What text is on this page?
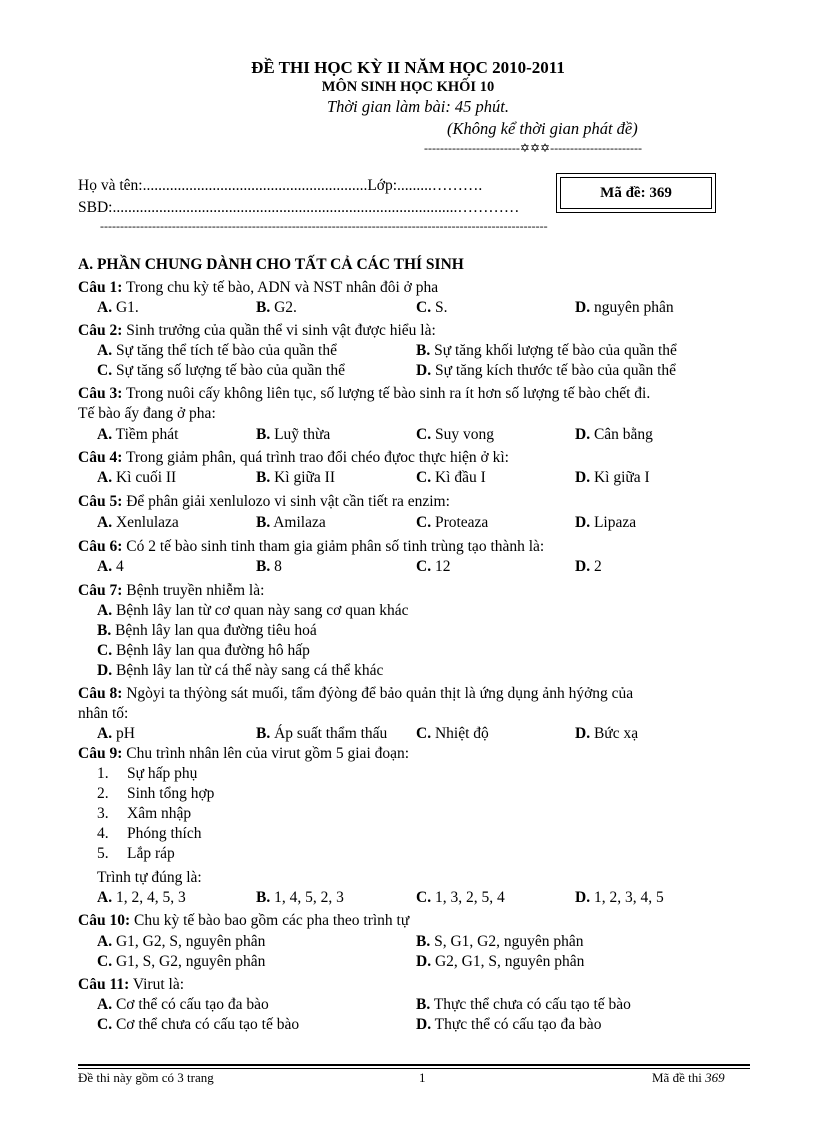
ĐỀ THI HỌC KỲ II NĂM HỌC 2010-2011
MÔN SINH HỌC KHỐI 10
Thời gian làm bài: 45 phút.
(Không kể thời gian phát đề)
------------------------✡✡✡-----------------------
Họ và tên:..........................................................Lớp:.........……….
SBD:.........................................................................................…………
Mã đề: 369
----------------------------------------------------------------------------------------------------------------
A. PHẦN CHUNG DÀNH CHO TẤT CẢ CÁC THÍ SINH
Câu 1: Trong chu kỳ tế bào, ADN và NST nhân đôi ở pha
A. G1.	B. G2.	C. S.	D. nguyên phân
Câu 2: Sinh trưởng của quần thể vi sinh vật được hiểu là:
A. Sự tăng thể tích tế bào của quần thể	B. Sự tăng khối lượng tế bào của quần thể
C. Sự tăng số lượng tế bào của quần thể	D. Sự tăng kích thước tế bào của quần thể
Câu 3: Trong nuôi cấy không liên tục, số lượng tế bào sinh ra ít hơn số lượng tế bào chết đi.
Tế bào ấy đang ở pha:
A. Tiềm phát	B. Luỹ thừa	C. Suy vong	D. Cân bằng
Câu 4: Trong giảm phân, quá trình trao đổi chéo đựoc thực hiện ở kì:
A. Kì cuối II	B. Kì giữa II	C. Kì đầu I	D. Kì giữa I
Câu 5: Để phân giải xenlulozo vi sinh vật cần tiết ra enzim:
A. Xenlulaza	B. Amilaza	C. Proteaza	D. Lipaza
Câu 6: Có 2 tế bào sinh tinh tham gia giảm phân số tinh trùng tạo thành là:
A. 4	B. 8	C. 12	D. 2
Câu 7: Bệnh truyền nhiễm là:
A. Bệnh lây lan từ cơ quan này sang cơ quan khác
B. Bệnh lây lan qua đường tiêu hoá
C. Bệnh lây lan qua đường hô hấp
D. Bệnh lây lan từ cá thể này sang cá thể khác
Câu 8: Ngòyi ta thýòng sát muối, tẩm đýòng để bảo quản thịt là ứng dụng ảnh hýởng của
nhân tố:
A. pH	B. Áp suất thẩm thấu C. Nhiệt độ	D. Bức xạ
Câu 9: Chu trình nhân lên của virut gồm 5 giai đoạn:
1. Sự hấp phụ
2. Sinh tổng hợp
3. Xâm nhập
4. Phóng thích
5. Lắp ráp
Trình tự đúng là:
A. 1, 2, 4, 5, 3	B. 1, 4, 5, 2, 3	C. 1, 3, 2, 5, 4	D. 1, 2, 3, 4, 5
Câu 10: Chu kỳ tế bào bao gồm các pha theo trình tự
A. G1, G2, S, nguyên phân	B. S, G1, G2, nguyên phân
C. G1, S, G2, nguyên phân	D. G2, G1, S, nguyên phân
Câu 11: Virut là:
A. Cơ thể có cấu tạo đa bào	B. Thực thể chưa có cấu tạo tế bào
C. Cơ thể chưa có cấu tạo tế bào	D. Thực thể có cấu tạo đa bào
Đề thi này gồm có 3 trang	1	Mã đề thi 369
